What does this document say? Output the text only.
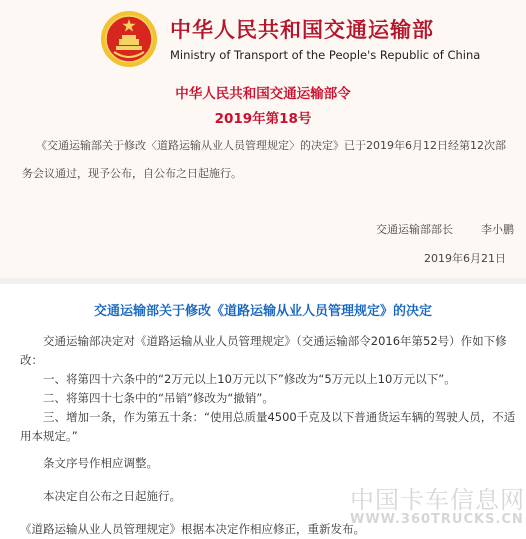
中华人民共和国交通运输部
Ministry of Transport of the People's Republic of China
中华人民共和国交通运输部令
2019年第18号
《交通运输部关于修改〈道路运输从业人员管理规定〉的决定》已于2019年6月12日经第12次部务会议通过，现予公布，自公布之日起施行。
交通运输部部长	李小鹏
2019年6月21日
交通运输部关于修改《道路运输从业人员管理规定》的决定

交通运输部决定对《道路运输从业人员管理规定》（交通运输部令2016年第52号）作如下修改：

一、将第四十六条中的“2万元以上10万元以下”修改为“5万元以上10万元以下”。

二、将第四十七条中的“吊销”修改为“撤销”。

三、增加一条，作为第五十条：“使用总质量4500千克及以下普通货运车辆的驾驶人员，不适用本规定。”

条文序号作相应调整。

本决定自公布之日起施行。

《道路运输从业人员管理规定》根据本决定作相应修正，重新发布。

中国卡车信息网
WWW.360TRUCKS.CN
